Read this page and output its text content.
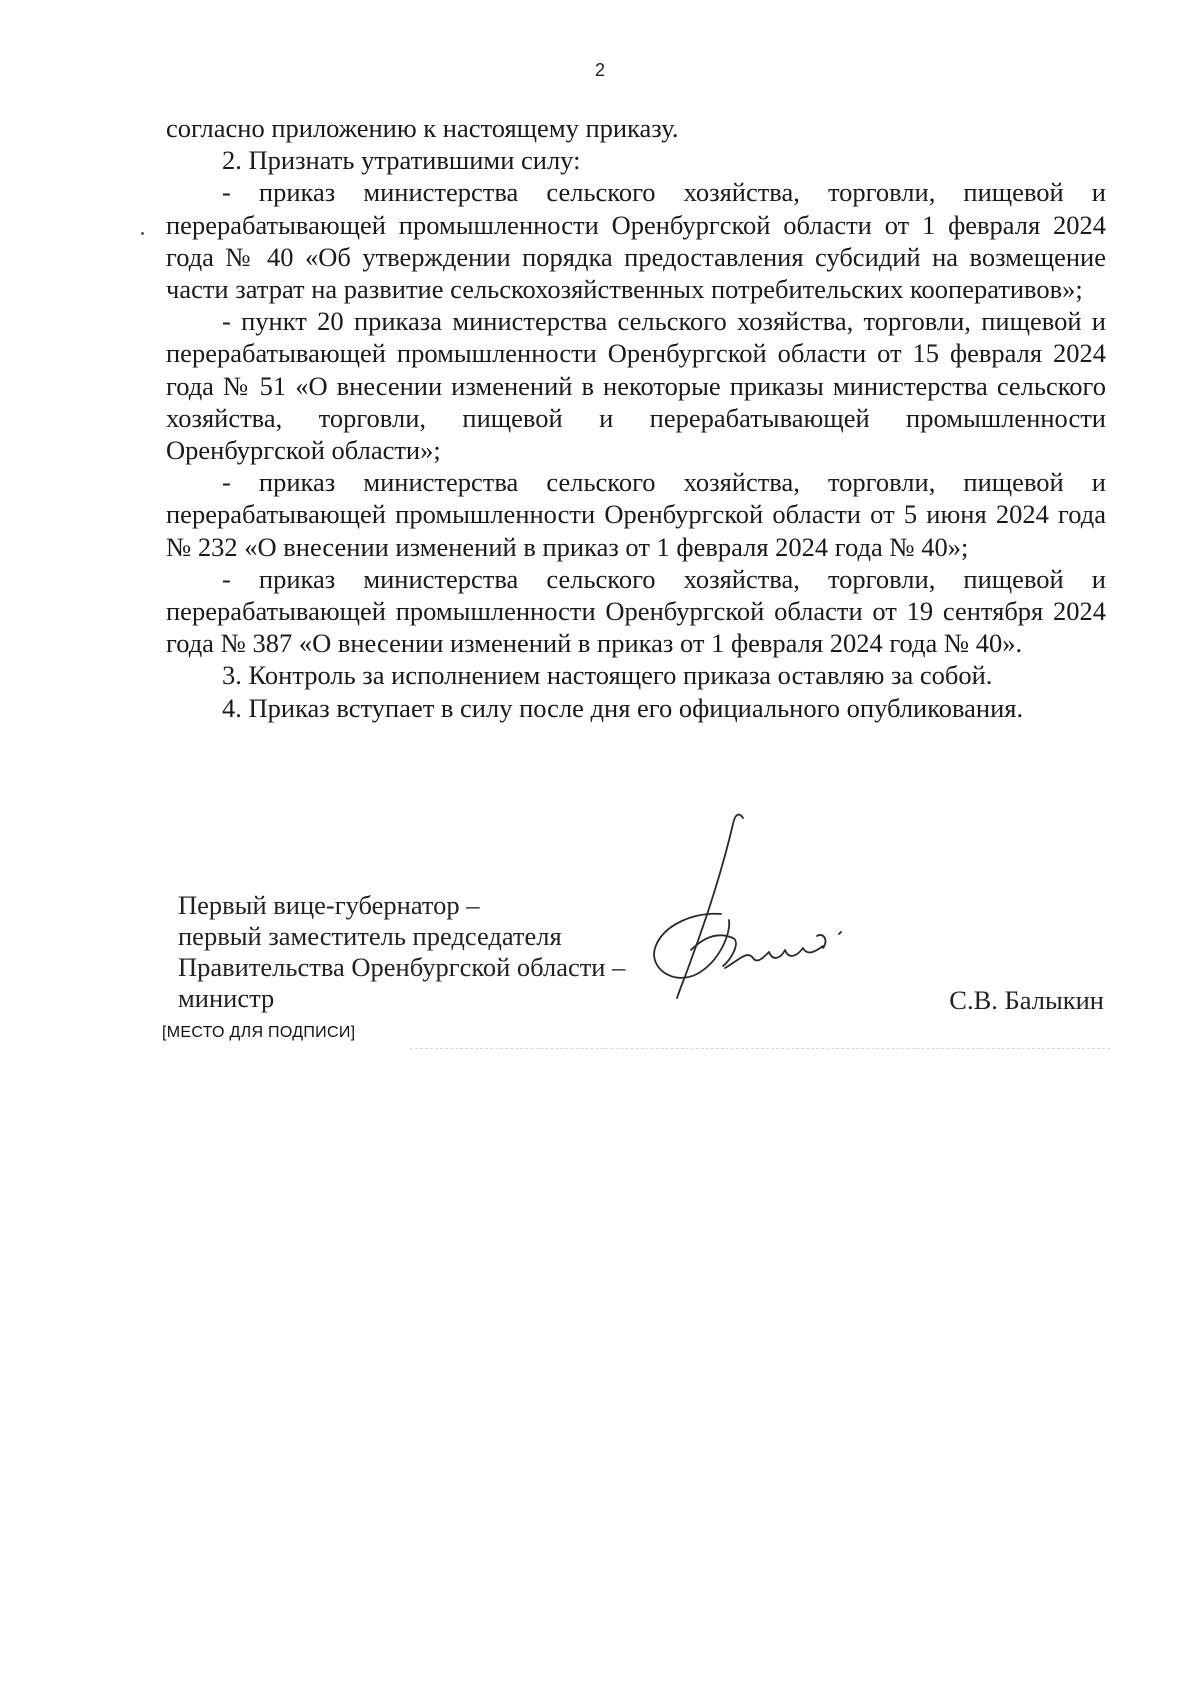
2

согласно приложению к настоящему приказу.

2. Признать утратившими силу:

- приказ министерства сельского хозяйства, торговли, пищевой и перерабатывающей промышленности Оренбургской области от 1 февраля 2024 года № 40 «Об утверждении порядка предоставления субсидий на возмещение части затрат на развитие сельскохозяйственных потребительских кооперативов»;

- пункт 20 приказа министерства сельского хозяйства, торговли, пищевой и перерабатывающей промышленности Оренбургской области от 15 февраля 2024 года № 51 «О внесении изменений в некоторые приказы министерства сельского хозяйства, торговли, пищевой и перерабатывающей промышленности Оренбургской области»;

- приказ министерства сельского хозяйства, торговли, пищевой и перерабатывающей промышленности Оренбургской области от 5 июня 2024 года № 232 «О внесении изменений в приказ от 1 февраля 2024 года № 40»;

- приказ министерства сельского хозяйства, торговли, пищевой и перерабатывающей промышленности Оренбургской области от 19 сентября 2024 года № 387 «О внесении изменений в приказ от 1 февраля 2024 года № 40».

3. Контроль за исполнением настоящего приказа оставляю за собой.

4. Приказ вступает в силу после дня его официального опубликования.

Первый вице-губернатор –
первый заместитель председателя
Правительства Оренбургской области –
министр	С.В. Балыкин
[МЕСТО ДЛЯ ПОДПИСИ]
